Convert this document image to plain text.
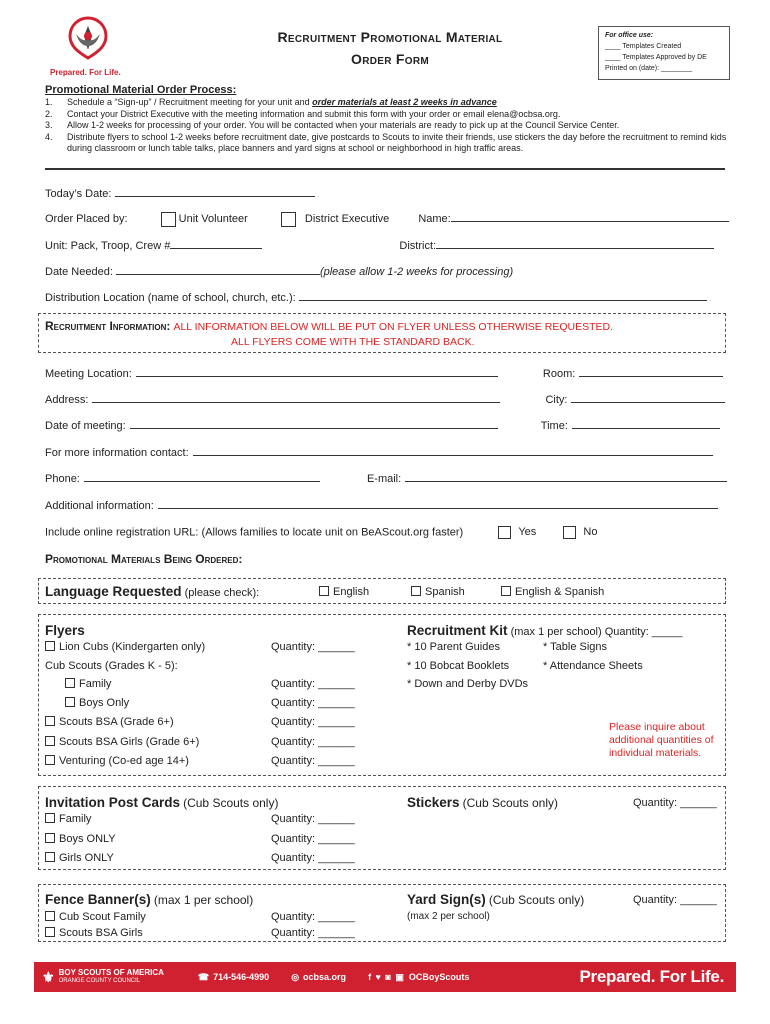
Prepared. For Life.
Recruitment Promotional Material
Order Form
For office use:
____ Templates Created
____ Templates Approved by DE
Printed on (date): ________
Promotional Material Order Process:
1.	Schedule a “Sign-up” / Recruitment meeting for your unit and order materials at least 2 weeks in advance
2.	Contact your District Executive with the meeting information and submit this form with your order or email elena@ocbsa.org.
3.	Allow 1-2 weeks for processing of your order. You will be contacted when your materials are ready to pick up at the Council Service Center.
4.	Distribute flyers to school 1-2 weeks before recruitment date, give postcards to Scouts to invite their friends, use stickers the day before the recruitment to remind kids during classroom or lunch table talks, place banners and yard signs at school or neighborhood in high traffic areas.
Today’s Date:
Order Placed by:	Unit Volunteer	District Executive	Name:
Unit: Pack, Troop, Crew #	District:
Date Needed:	(please allow 1-2 weeks for processing)
Distribution Location (name of school, church, etc.):
Recruitment Information: ALL INFORMATION BELOW WILL BE PUT ON FLYER UNLESS OTHERWISE REQUESTED.
ALL FLYERS COME WITH THE STANDARD BACK.
Meeting Location:	Room:
Address:	City:
Date of meeting:	Time:
For more information contact:
Phone:	E-mail:
Additional information:
Include online registration URL: (Allows families to locate unit on BeAScout.org faster)	Yes	No
Promotional Materials Being Ordered:
Language Requested (please check):	English	Spanish	English & Spanish
Flyers
Lion Cubs (Kindergarten only)	Quantity: ______
Cub Scouts (Grades K - 5):
Family	Quantity: ______
Boys Only	Quantity: ______
Scouts BSA (Grade 6+)	Quantity: ______
Scouts BSA Girls (Grade 6+)	Quantity: ______
Venturing (Co-ed age 14+)	Quantity: ______
Recruitment Kit (max 1 per school) Quantity: _____
* 10 Parent Guides	* Table Signs
* 10 Bobcat Booklets	* Attendance Sheets
* Down and Derby DVDs
Please inquire about additional quantities of individual materials.
Invitation Post Cards (Cub Scouts only)
Family	Quantity: ______
Boys ONLY	Quantity: ______
Girls ONLY	Quantity: ______
Stickers (Cub Scouts only)	Quantity: ______
Fence Banner(s) (max 1 per school)
Cub Scout Family	Quantity: ______
Scouts BSA Girls	Quantity: ______
Yard Sign(s) (Cub Scouts only)
(max 2 per school)
Quantity: ______
⚜ BOY SCOUTS OF AMERICA
ORANGE COUNTY COUNCIL	☎ 714-546-4990 ◎ ocbsa.org f ♥ ◙ ▣ OCBoyScouts	Prepared. For Life.
